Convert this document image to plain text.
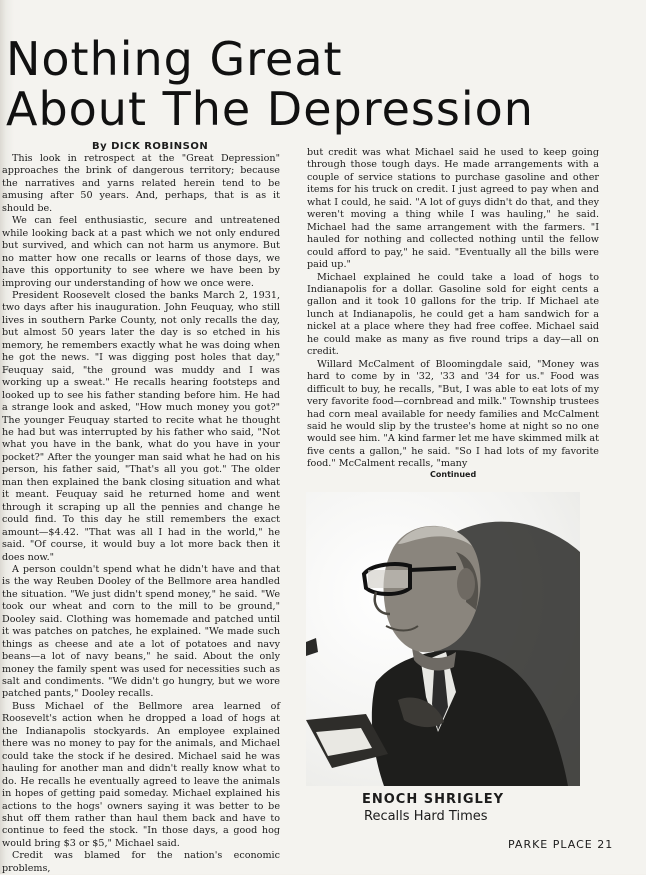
Nothing Great
About The Depression
By DICK ROBINSON

This look in retrospect at the "Great Depression" approaches the brink of dangerous territory; because the narratives and yarns related herein tend to be amusing after 50 years. And, perhaps, that is as it should be.

We can feel enthusiastic, secure and untreatened while looking back at a past which we not only endured but survived, and which can not harm us anymore. But no matter how one recalls or learns of those days, we have this opportunity to see where we have been by improving our understanding of how we once were.

President Roosevelt closed the banks March 2, 1931, two days after his inauguration. John Feuquay, who still lives in southern Parke County, not only recalls the day, but almost 50 years later the day is so etched in his memory, he remembers exactly what he was doing when he got the news. "I was digging post holes that day," Feuquay said, "the ground was muddy and I was working up a sweat." He recalls hearing footsteps and looked up to see his father standing before him. He had a strange look and asked, "How much money you got?" The younger Feuquay started to recite what he thought he had but was interrupted by his father who said, "Not what you have in the bank, what do you have in your pocket?" After the younger man said what he had on his person, his father said, "That's all you got." The older man then explained the bank closing situation and what it meant. Feuquay said he returned home and went through it scraping up all the pennies and change he could find. To this day he still remembers the exact amount—$4.42. "That was all I had in the world," he said. "Of course, it would buy a lot more back then it does now."

A person couldn't spend what he didn't have and that is the way Reuben Dooley of the Bellmore area handled the situation. "We just didn't spend money," he said. "We took our wheat and corn to the mill to be ground," Dooley said. Clothing was homemade and patched until it was patches on patches, he explained. "We made such things as cheese and ate a lot of potatoes and navy beans—a lot of navy beans," he said. About the only money the family spent was used for necessities such as salt and condiments. "We didn't go hungry, but we wore patched pants," Dooley recalls.

Buss Michael of the Bellmore area learned of Roosevelt's action when he dropped a load of hogs at the Indianapolis stockyards. An employee explained there was no money to pay for the animals, and Michael could take the stock if he desired. Michael said he was hauling for another man and didn't really know what to do. He recalls he eventually agreed to leave the animals in hopes of getting paid someday. Michael explained his actions to the hogs' owners saying it was better to be shut off them rather than haul them back and have to continue to feed the stock. "In those days, a good hog would bring $3 or $5," Michael said.

Credit was blamed for the nation's economic problems,

but credit was what Michael said he used to keep going through those tough days. He made arrangements with a couple of service stations to purchase gasoline and other items for his truck on credit. I just agreed to pay when and what I could, he said. "A lot of guys didn't do that, and they weren't moving a thing while I was hauling," he said. Michael had the same arrangement with the farmers. "I hauled for nothing and collected nothing until the fellow could afford to pay," he said. "Eventually all the bills were paid up."

Michael explained he could take a load of hogs to Indianapolis for a dollar. Gasoline sold for eight cents a gallon and it took 10 gallons for the trip. If Michael ate lunch at Indianapolis, he could get a ham sandwich for a nickel at a place where they had free coffee. Michael said he could make as many as five round trips a day—all on credit.

Willard McCalment of Bloomingdale said, "Money was hard to come by in '32, '33 and '34 for us." Food was difficult to buy, he recalls, "But, I was able to eat lots of my very favorite food—cornbread and milk." Township trustees had corn meal available for needy families and McCalment said he would slip by the trustee's home at night so no one would see him. "A kind farmer let me have skimmed milk at five cents a gallon," he said. "So I had lots of my favorite food." McCalment recalls, "many

Continued
ENOCH SHRIGLEY
Recalls Hard Times
PARKE PLACE 21
